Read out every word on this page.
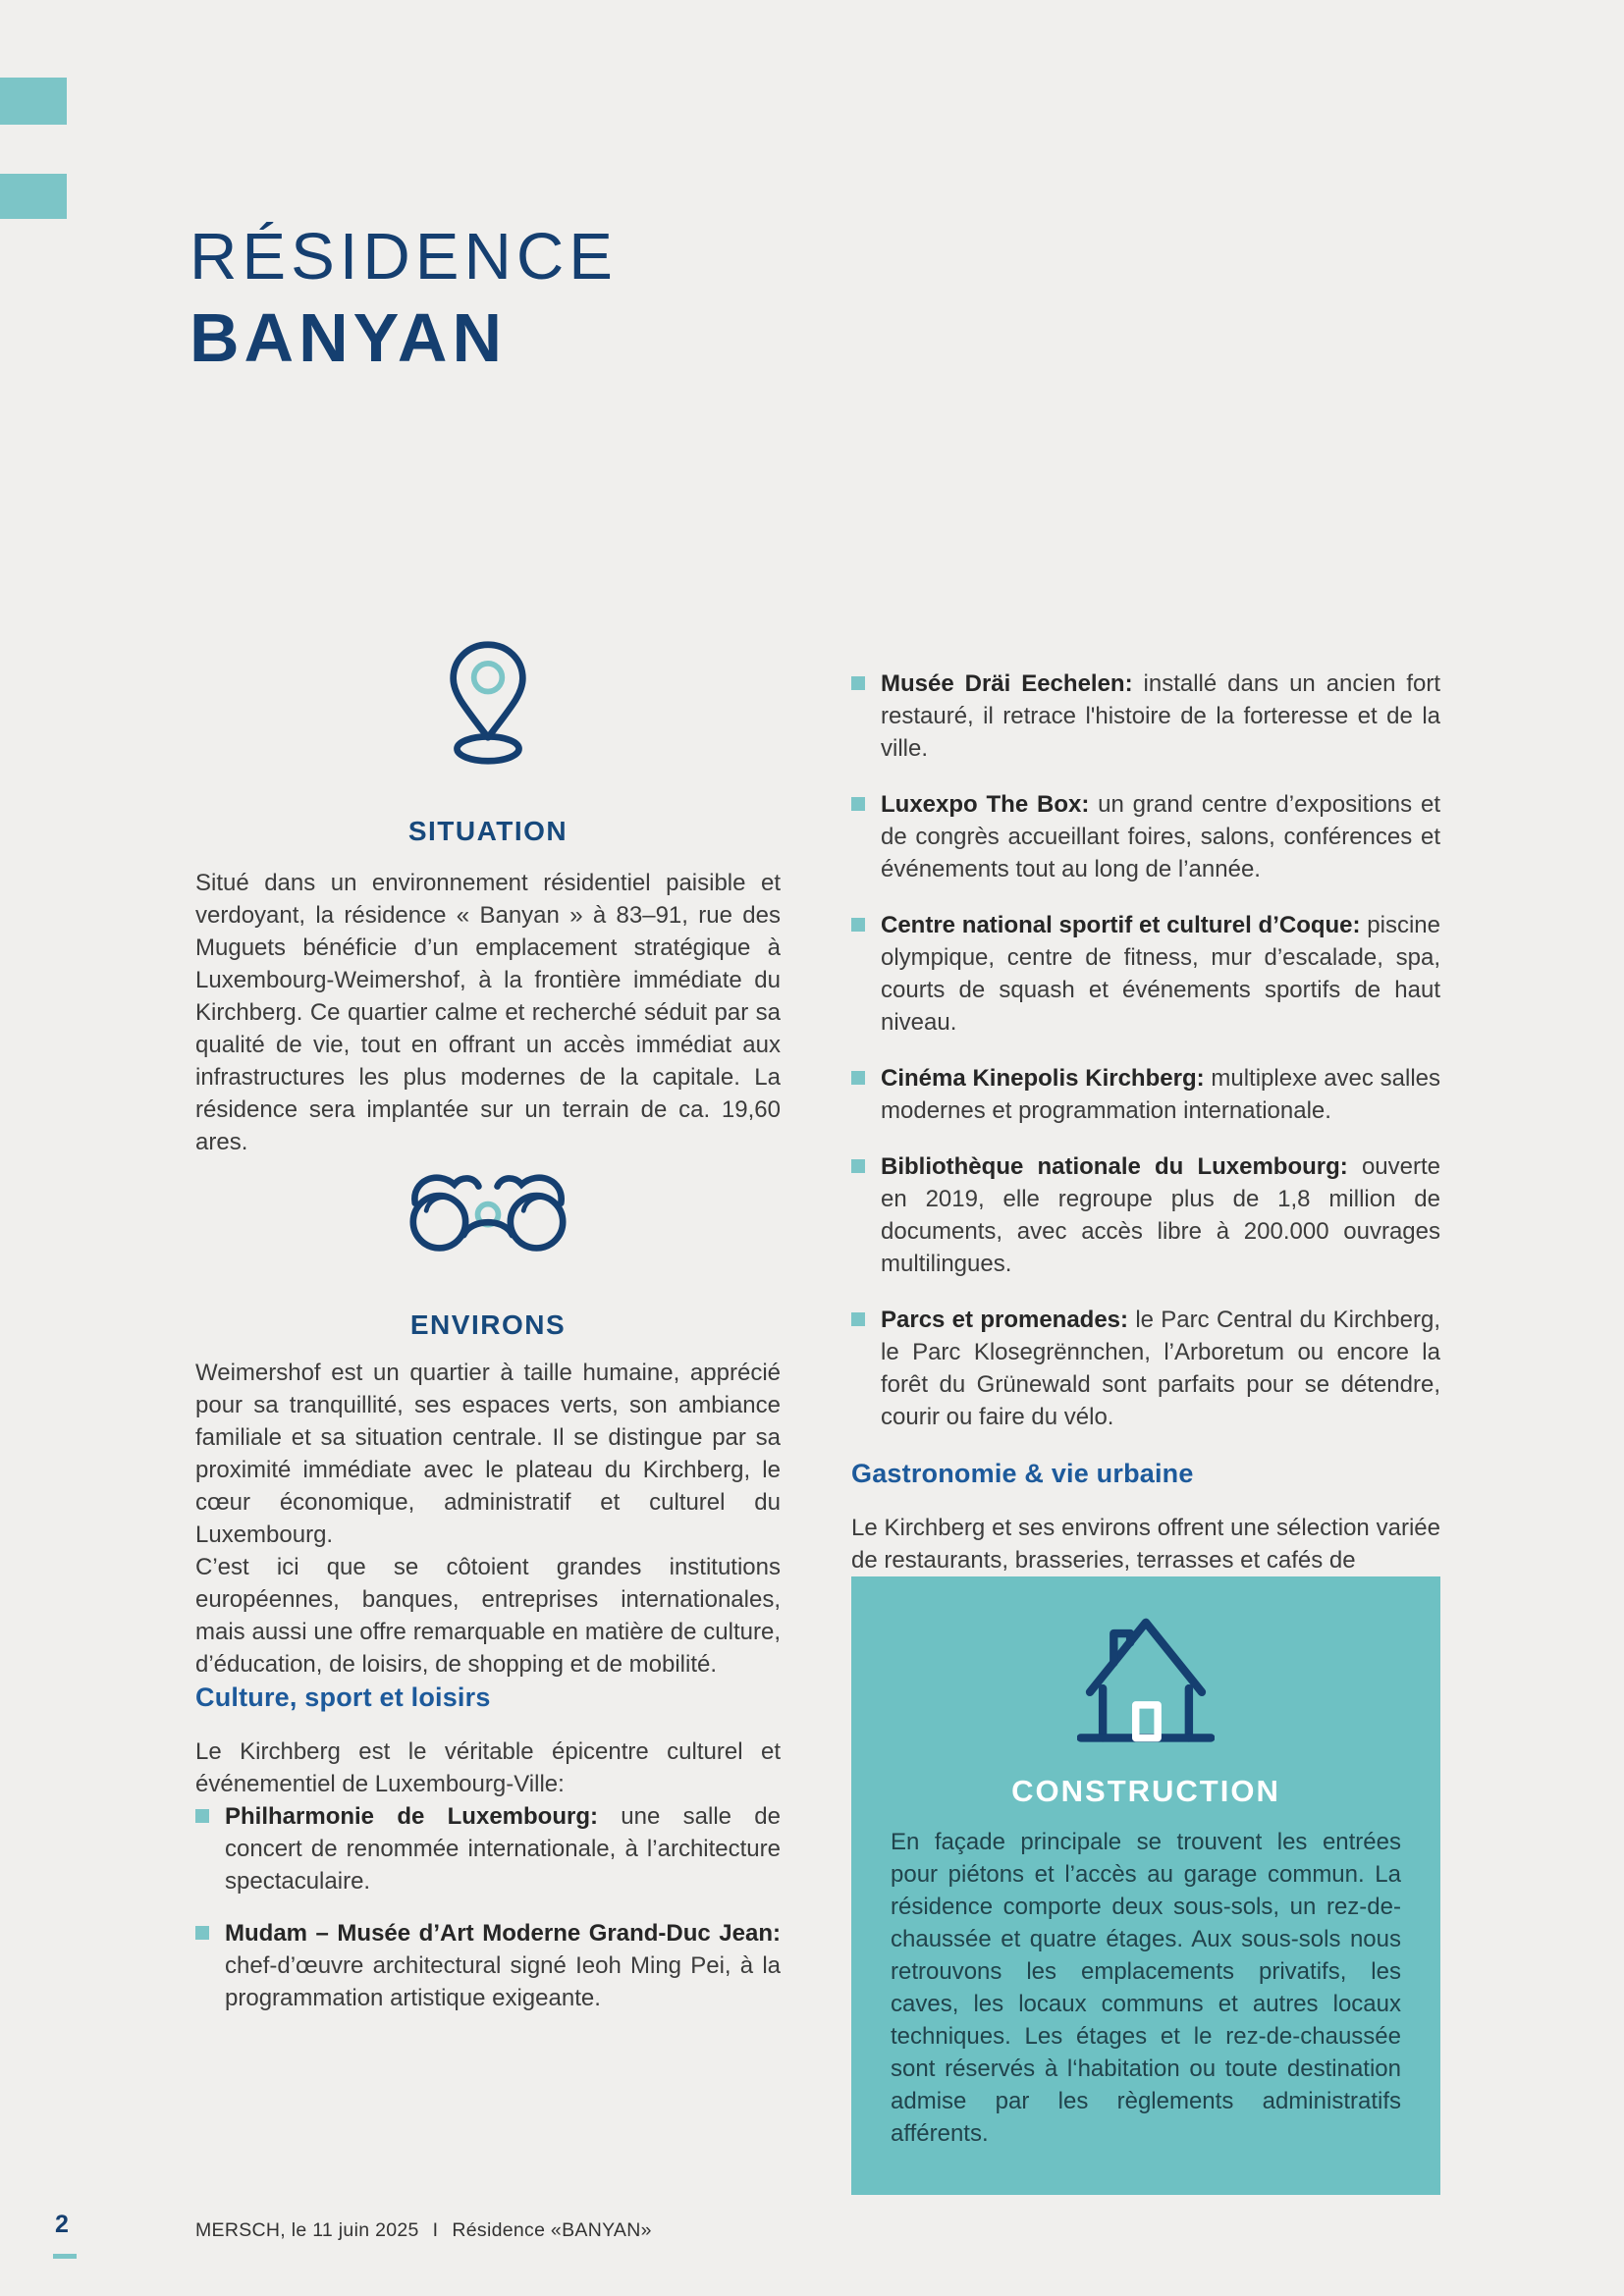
RÉSIDENCE
BANYAN
SITUATION

Situé dans un environnement résidentiel paisible et verdoyant, la résidence « Banyan » à 83–91, rue des Muguets bénéficie d’un emplacement stratégique à Luxembourg-Weimershof, à la frontière immédiate du Kirchberg. Ce quartier calme et recherché séduit par sa qualité de vie, tout en offrant un accès immédiat aux infrastructures les plus modernes de la capitale. La résidence sera implantée sur un terrain de ca. 19,60 ares.

ENVIRONS

Weimershof est un quartier à taille humaine, apprécié pour sa tranquillité, ses espaces verts, son ambiance familiale et sa situation centrale. Il se distingue par sa proximité immédiate avec le plateau du Kirchberg, le cœur économique, administratif et culturel du Luxembourg.

C’est ici que se côtoient grandes institutions européennes, banques, entreprises internationales, mais aussi une offre remarquable en matière de culture, d’éducation, de loisirs, de shopping et de mobilité.

Culture, sport et loisirs

Le Kirchberg est le véritable épicentre culturel et événementiel de Luxembourg-Ville:

Philharmonie de Luxembourg: une salle de concert de renommée internationale, à l’architecture spectaculaire.

Mudam – Musée d’Art Moderne Grand-Duc Jean: chef-d’œuvre architectural signé Ieoh Ming Pei, à la programmation artistique exigeante.

Musée Dräi Eechelen: installé dans un ancien fort restauré, il retrace l'histoire de la forteresse et de la ville.

Luxexpo The Box: un grand centre d’expositions et de congrès accueillant foires, salons, conférences et événements tout au long de l’année.

Centre national sportif et culturel d’Coque: piscine olympique, centre de fitness, mur d’escalade, spa, courts de squash et événements sportifs de haut niveau.

Cinéma Kinepolis Kirchberg: multiplexe avec salles modernes et programmation internationale.

Bibliothèque nationale du Luxembourg: ouverte en 2019, elle regroupe plus de 1,8 million de documents, avec accès libre à 200.000 ouvrages multilingues.

Parcs et promenades: le Parc Central du Kirchberg, le Parc Klosegrënnchen, l’Arboretum ou encore la forêt du Grünewald sont parfaits pour se détendre, courir ou faire du vélo.

Gastronomie & vie urbaine

Le Kirchberg et ses environs offrent une sélection variée de restaurants, brasseries, terrasses et cafés de

CONSTRUCTION

En façade principale se trouvent les entrées pour piétons et l’accès au garage commun. La résidence comporte deux sous-sols, un rez-de-chaussée et quatre étages. Aux sous-sols nous retrouvons les emplacements privatifs, les caves, les locaux communs et autres locaux techniques. Les étages et le rez-de-chaussée sont réservés à l‘habitation ou toute destination admise par les règlements administratifs afférents.

2	MERSCH, le 11 juin 2025 I Résidence «BANYAN»
